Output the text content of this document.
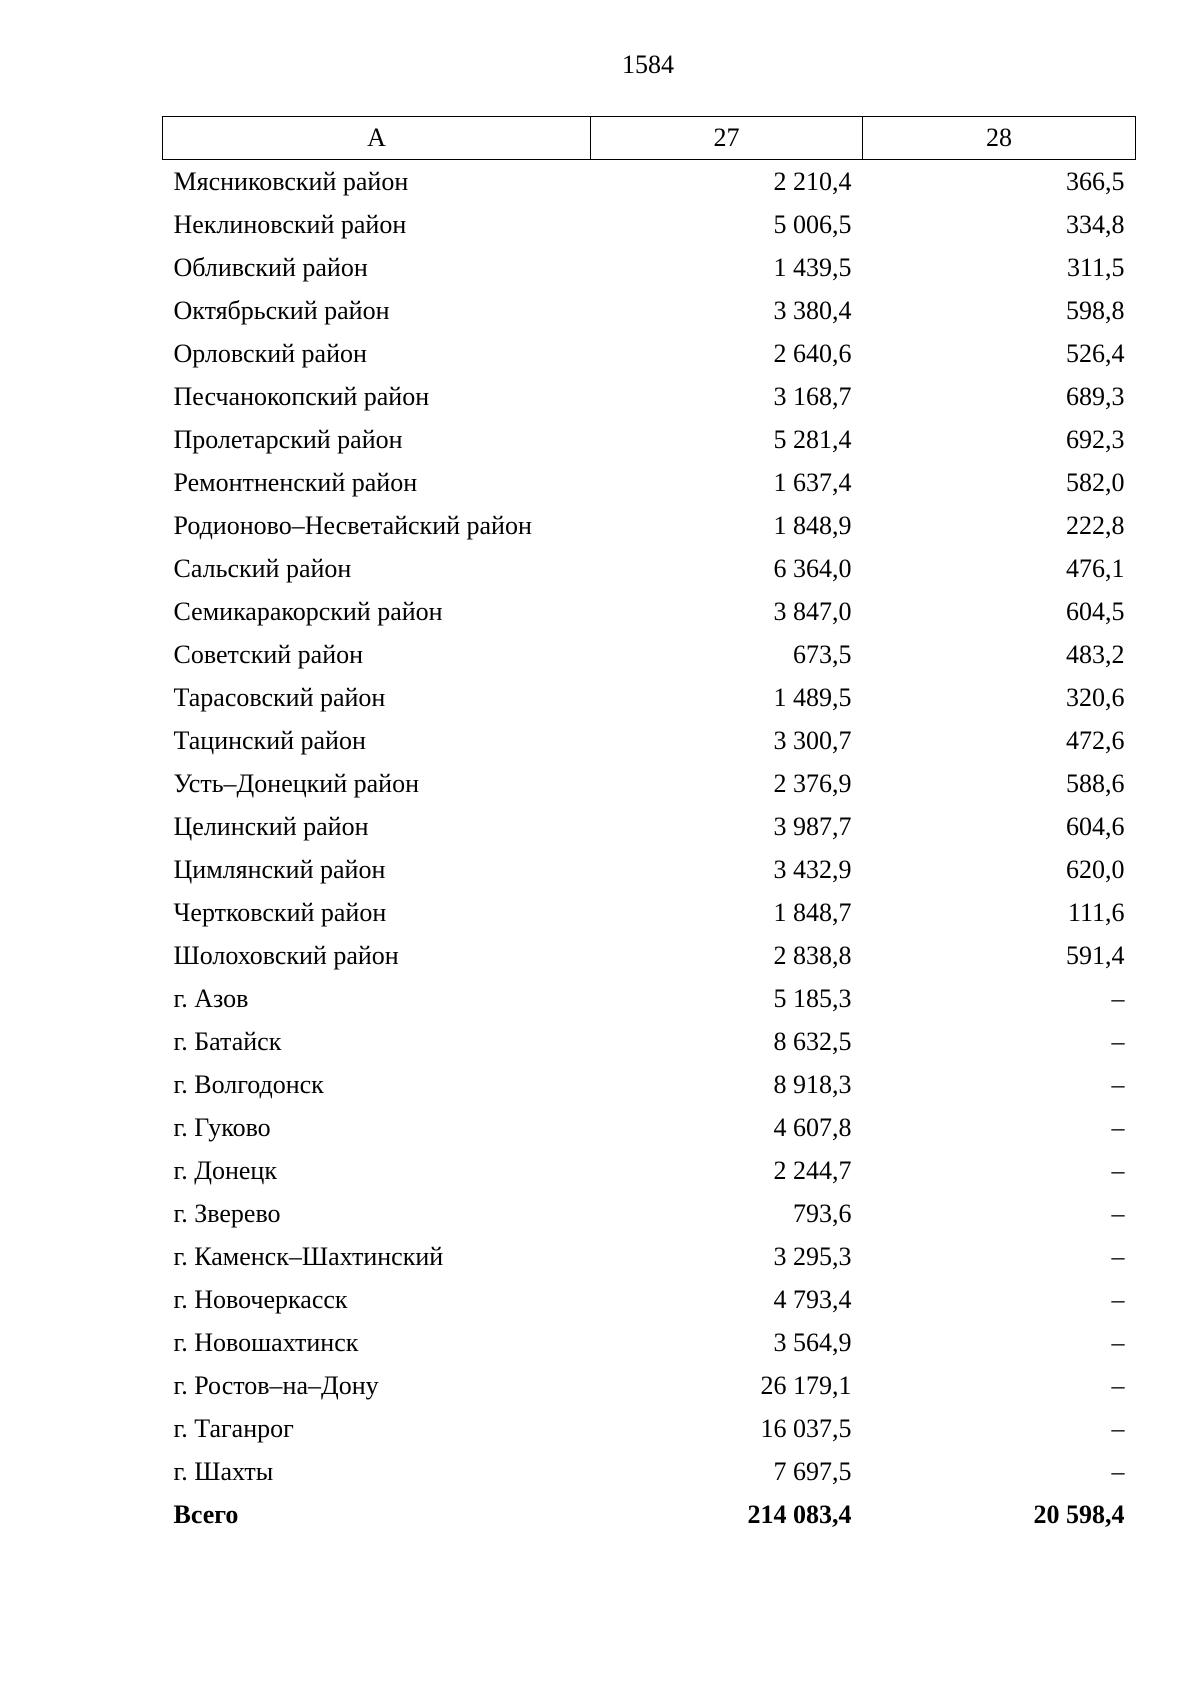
1584
А	27	28
Мясниковский район	2 210,4	366,5
Неклиновский район	5 006,5	334,8
Обливский район	1 439,5	311,5
Октябрьский район	3 380,4	598,8
Орловский район	2 640,6	526,4
Песчанокопский район	3 168,7	689,3
Пролетарский район	5 281,4	692,3
Ремонтненский район	1 637,4	582,0
Родионово–Несветайский район	1 848,9	222,8
Сальский район	6 364,0	476,1
Семикаракорский район	3 847,0	604,5
Советский район	673,5	483,2
Тарасовский район	1 489,5	320,6
Тацинский район	3 300,7	472,6
Усть–Донецкий район	2 376,9	588,6
Целинский район	3 987,7	604,6
Цимлянский район	3 432,9	620,0
Чертковский район	1 848,7	111,6
Шолоховский район	2 838,8	591,4
г. Азов	5 185,3	–
г. Батайск	8 632,5	–
г. Волгодонск	8 918,3	–
г. Гуково	4 607,8	–
г. Донецк	2 244,7	–
г. Зверево	793,6	–
г. Каменск–Шахтинский	3 295,3	–
г. Новочеркасск	4 793,4	–
г. Новошахтинск	3 564,9	–
г. Ростов–на–Дону	26 179,1	–
г. Таганрог	16 037,5	–
г. Шахты	7 697,5	–
Всего	214 083,4	20 598,4
